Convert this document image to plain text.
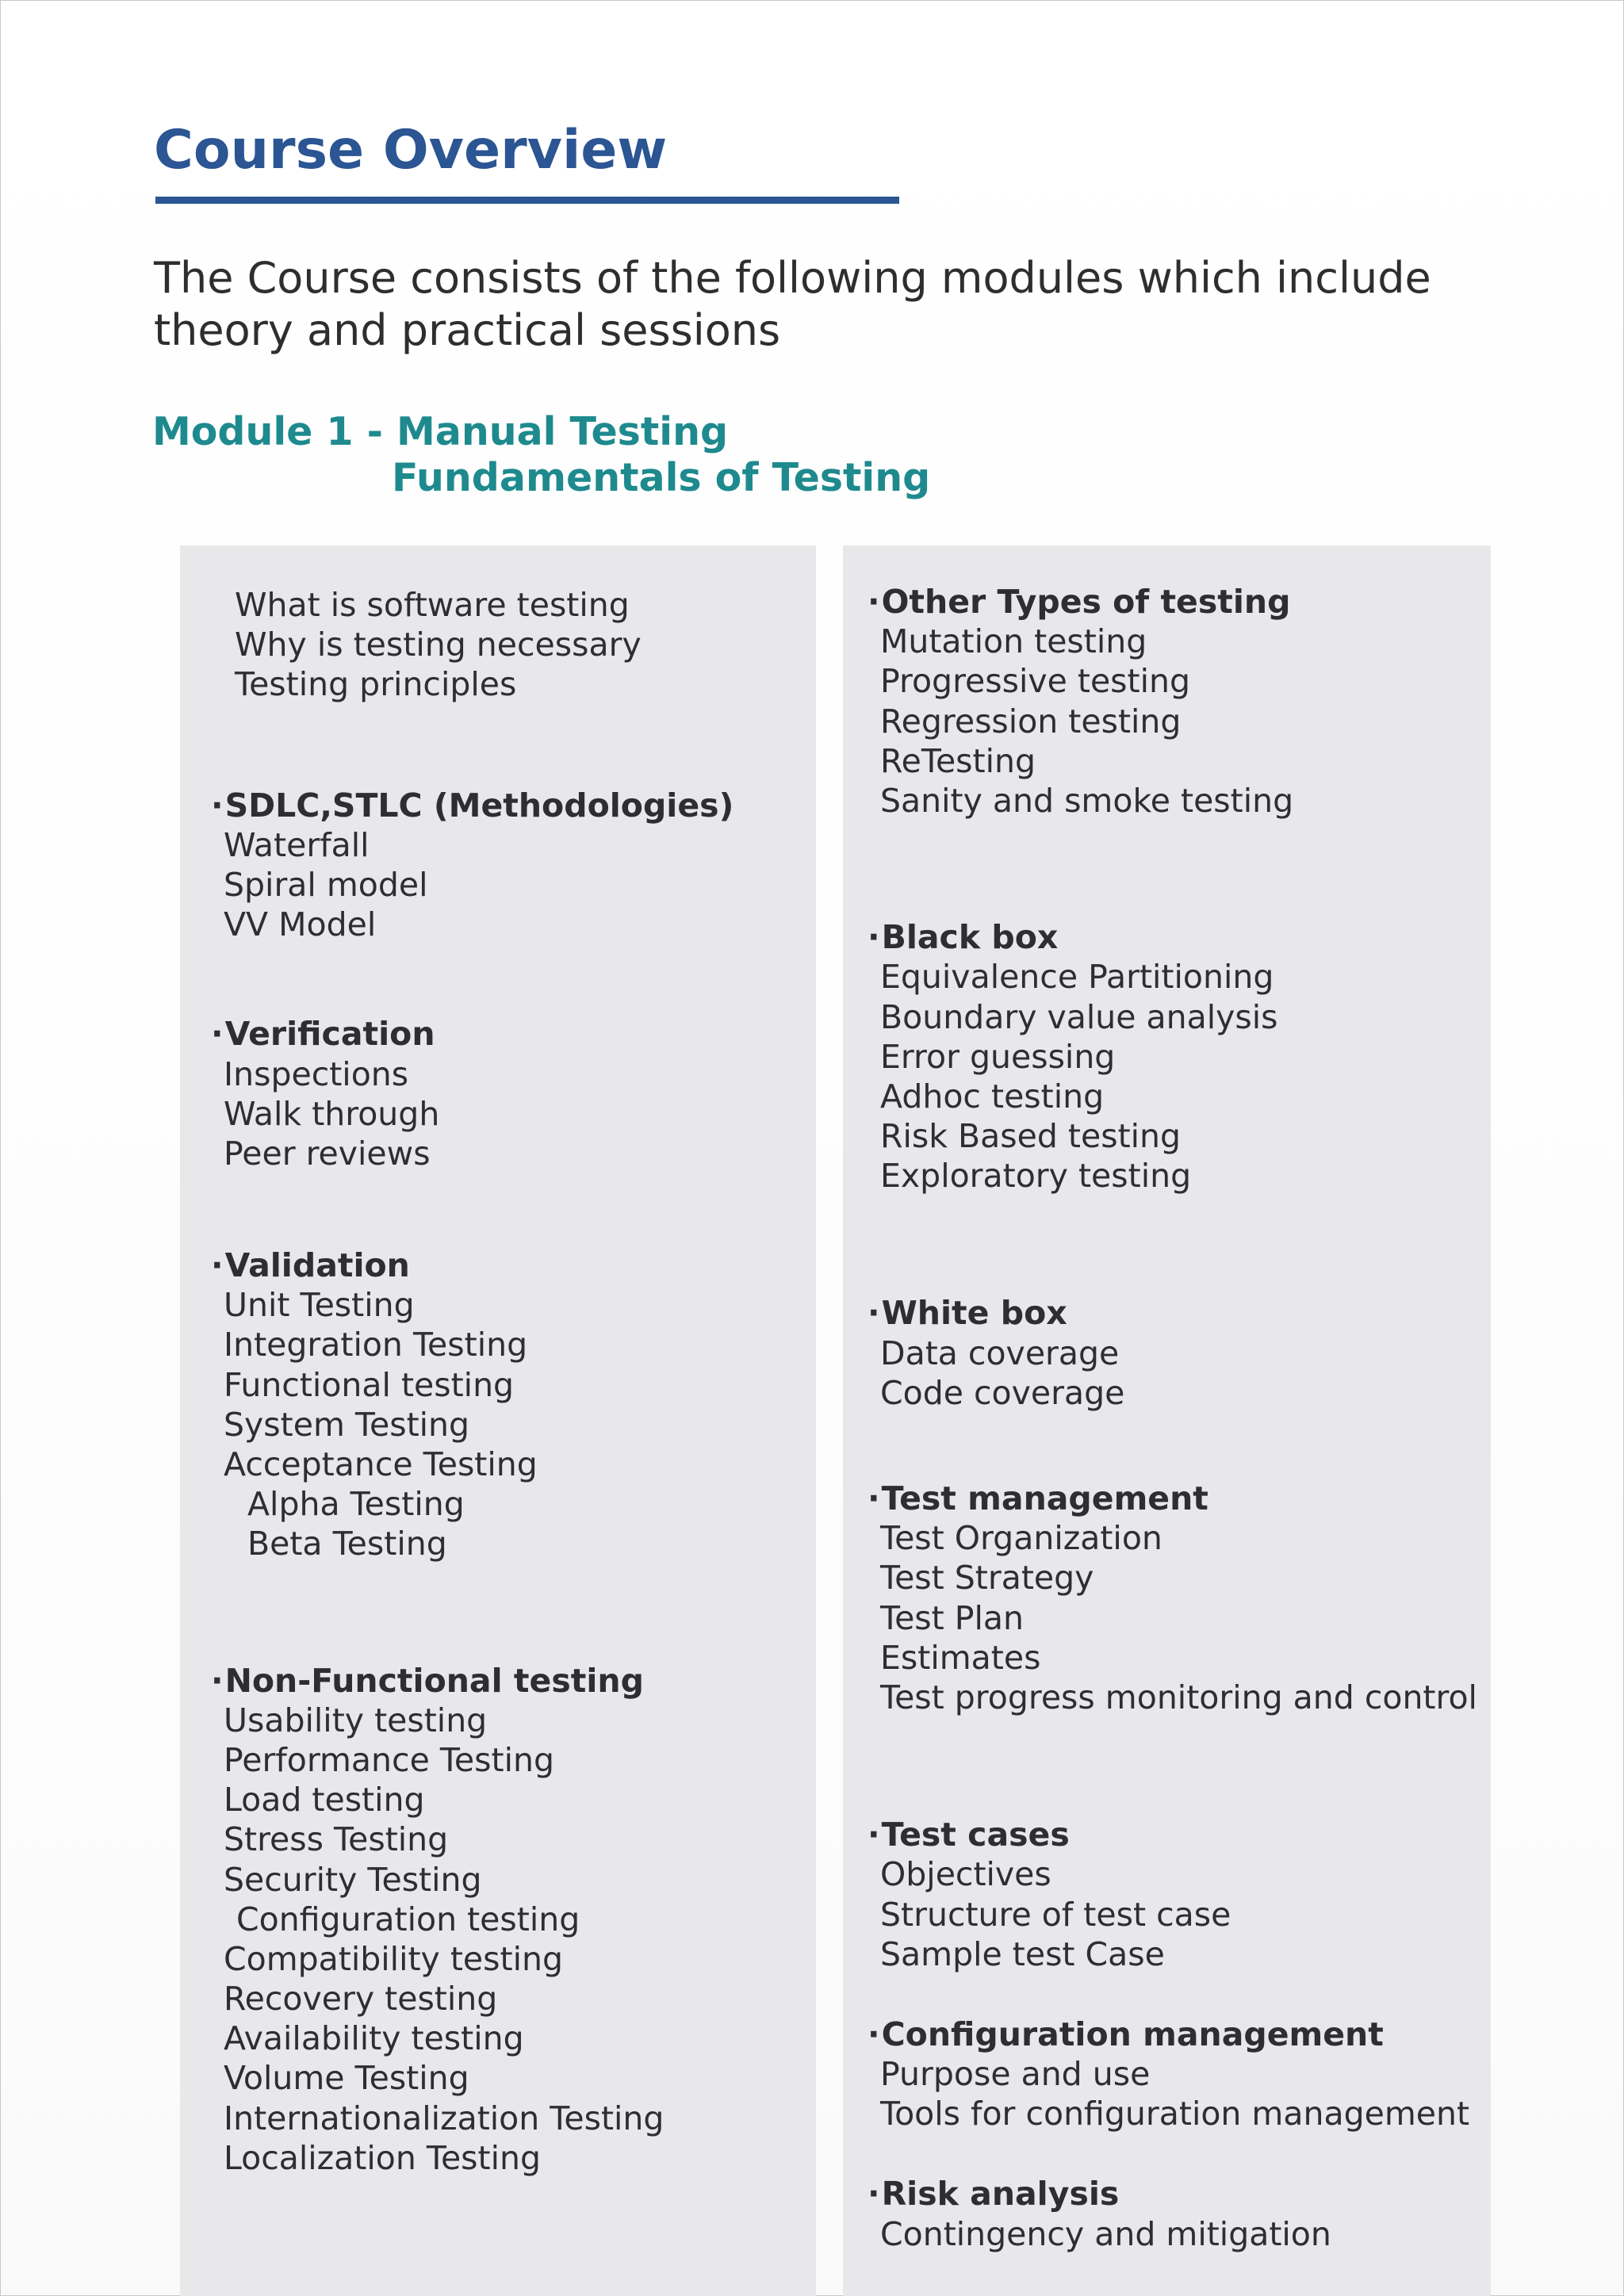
Course Overview

The Course consists of the following modules which include theory and practical sessions

Module 1 - Manual Testing
Fundamentals of Testing
What is software testing
Why is testing necessary
Testing principles
·SDLC,STLC (Methodologies)
Waterfall
Spiral model
VV Model
·Verification
Inspections
Walk through
Peer reviews
·Validation
Unit Testing
Integration Testing
Functional testing
System Testing
Acceptance Testing
Alpha Testing
Beta Testing
·Non-Functional testing
Usability testing
Performance Testing
Load testing
Stress Testing
Security Testing
Configuration testing
Compatibility testing
Recovery testing
Availability testing
Volume Testing
Internationalization Testing
Localization Testing
·Other Types of testing
Mutation testing
Progressive testing
Regression testing
ReTesting
Sanity and smoke testing
·Black box
Equivalence Partitioning
Boundary value analysis
Error guessing
Adhoc testing
Risk Based testing
Exploratory testing
·White box
Data coverage
Code coverage
·Test management
Test Organization
Test Strategy
Test Plan
Estimates
Test progress monitoring and control
·Test cases
Objectives
Structure of test case
Sample test Case
·Configuration management
Purpose and use
Tools for configuration management
·Risk analysis
Contingency and mitigation
